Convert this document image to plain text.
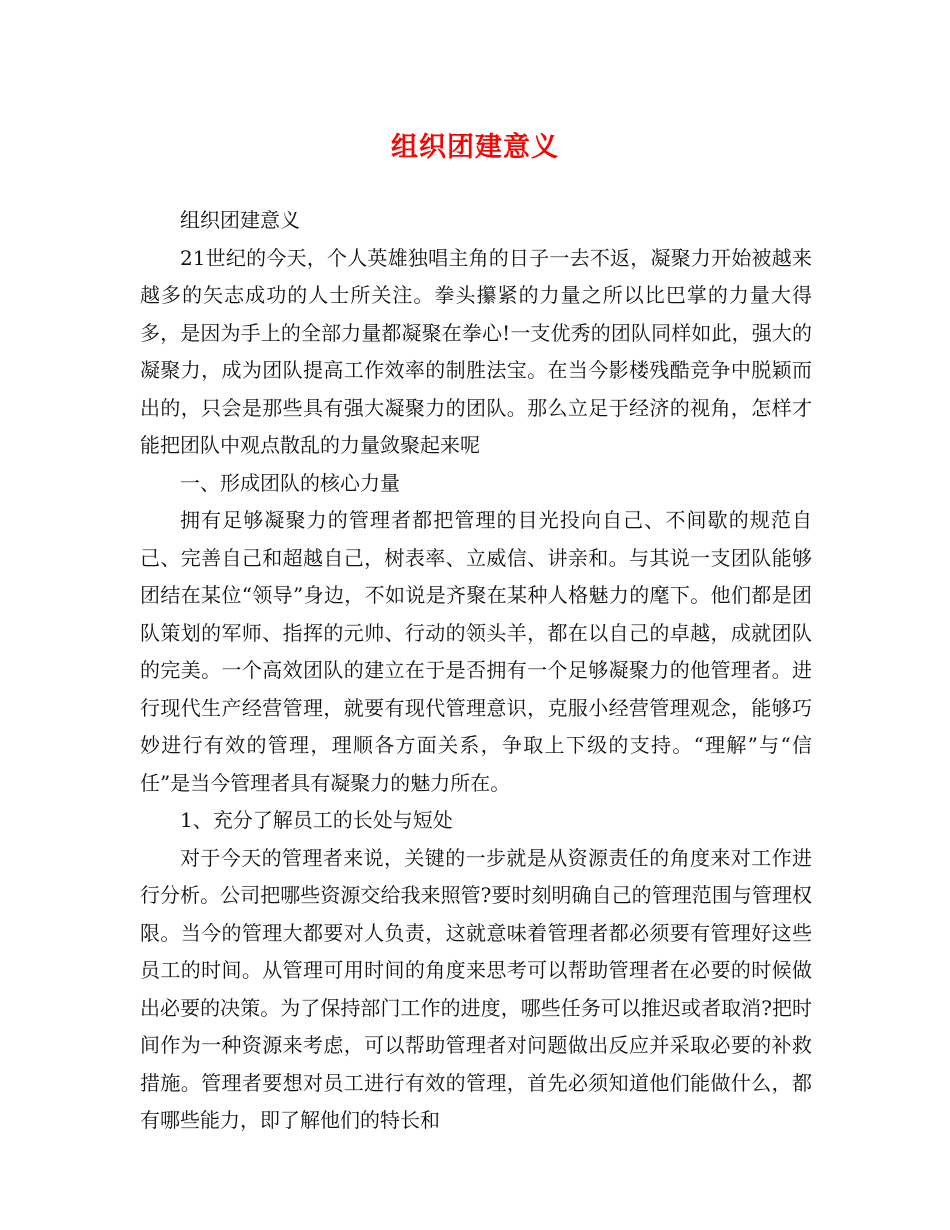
组织团建意义

组织团建意义

21世纪的今天，个人英雄独唱主角的日子一去不返，凝聚力开始被越来越多的矢志成功的人士所关注。拳头攥紧的力量之所以比巴掌的力量大得多，是因为手上的全部力量都凝聚在拳心!一支优秀的团队同样如此，强大的凝聚力，成为团队提高工作效率的制胜法宝。在当今影楼残酷竞争中脱颖而出的，只会是那些具有强大凝聚力的团队。那么立足于经济的视角，怎样才能把团队中观点散乱的力量敛聚起来呢

一、形成团队的核心力量

拥有足够凝聚力的管理者都把管理的目光投向自己、不间歇的规范自己、完善自己和超越自己，树表率、立威信、讲亲和。与其说一支团队能够团结在某位“领导”身边，不如说是齐聚在某种人格魅力的麾下。他们都是团队策划的军师、指挥的元帅、行动的领头羊，都在以自己的卓越，成就团队的完美。一个高效团队的建立在于是否拥有一个足够凝聚力的他管理者。进行现代生产经营管理，就要有现代管理意识，克服小经营管理观念，能够巧妙进行有效的管理，理顺各方面关系，争取上下级的支持。“理解”与“信任”是当今管理者具有凝聚力的魅力所在。

1、充分了解员工的长处与短处

对于今天的管理者来说，关键的一步就是从资源责任的角度来对工作进行分析。公司把哪些资源交给我来照管?要时刻明确自己的管理范围与管理权限。当今的管理大都要对人负责，这就意味着管理者都必须要有管理好这些员工的时间。从管理可用时间的角度来思考可以帮助管理者在必要的时候做出必要的决策。为了保持部门工作的进度，哪些任务可以推迟或者取消?把时间作为一种资源来考虑，可以帮助管理者对问题做出反应并采取必要的补救措施。管理者要想对员工进行有效的管理，首先必须知道他们能做什么，都有哪些能力，即了解他们的特长和
